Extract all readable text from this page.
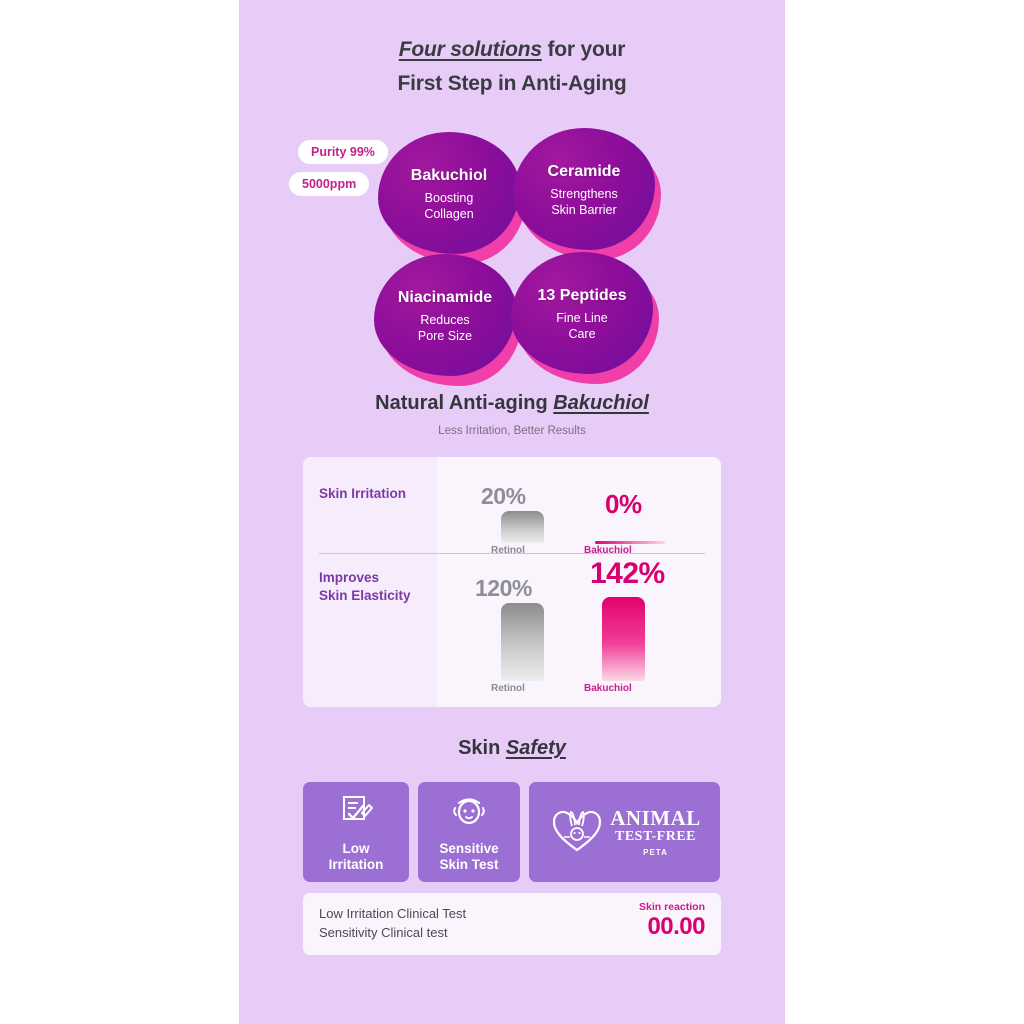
Four solutions for your
First Step in Anti-Aging
Bakuchiol
Boosting
Collagen
Ceramide
Strengthens
Skin Barrier
Niacinamide
Reduces
Pore Size
13 Peptides
Fine Line
Care
Purity 99%
5000ppm
Natural Anti-aging Bakuchiol
Less Irritation, Better Results
Skin Irritation	20%
Retinol
0%
Bakuchiol
Improves
Skin Elasticity	120%
Retinol
142%
Bakuchiol
Skin Safety
Low
Irritation
Sensitive
Skin Test
ANIMAL
TEST-FREE
PETA
Low Irritation Clinical Test
Sensitivity Clinical test
Skin reaction
00.00
